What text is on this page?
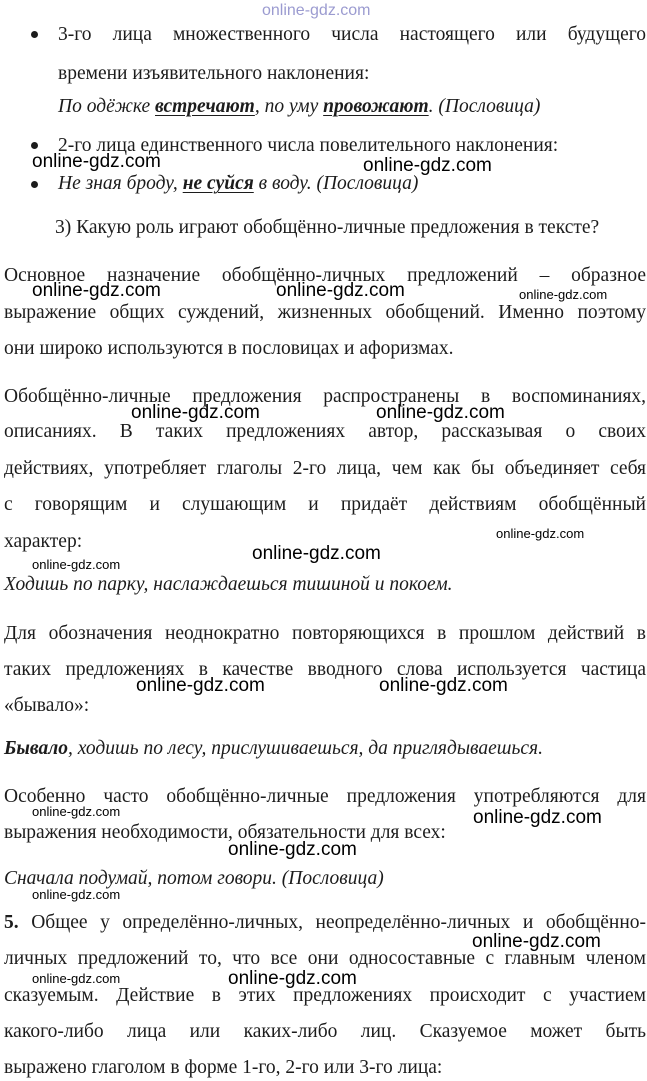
online-gdz.com
3-го лица множественного числа настоящего или будущего
времени изъявительного наклонения:
По одёжке встречают, по уму провожают. (Пословица)
2-го лица единственного числа повелительного наклонения:
Не зная броду, не суйся в воду. (Пословица)
3) Какую роль играют обобщённо-личные предложения в тексте?
Основное назначение обобщённо-личных предложений – образное
выражение общих суждений, жизненных обобщений. Именно поэтому
они широко используются в пословицах и афоризмах.
Обобщённо-личные предложения распространены в воспоминаниях,
описаниях. В таких предложениях автор, рассказывая о своих
действиях, употребляет глаголы 2-го лица, чем как бы объединяет себя
с говорящим и слушающим и придаёт действиям обобщённый
характер:
Ходишь по парку, наслаждаешься тишиной и покоем.
Для обозначения неоднократно повторяющихся в прошлом действий в
таких предложениях в качестве вводного слова используется частица
«бывало»:
Бывало, ходишь по лесу, прислушиваешься, да приглядываешься.
Особенно часто обобщённо-личные предложения употребляются для
выражения необходимости, обязательности для всех:
Сначала подумай, потом говори. (Пословица)
5. Общее у определённо-личных, неопределённо-личных и обобщённо-
личных предложений то, что все они односоставные с главным членом
сказуемым. Действие в этих предложениях происходит с участием
какого-либо лица или каких-либо лиц. Сказуемое может быть
выражено глаголом в форме 1-го, 2-го или 3-го лица:
online-gdz.com	online-gdz.com
online-gdz.com	online-gdz.com	online-gdz.com
online-gdz.com	online-gdz.com
online-gdz.com
online-gdz.com
online-gdz.com
online-gdz.com	online-gdz.com
online-gdz.com	online-gdz.com
online-gdz.com
online-gdz.com
online-gdz.com
online-gdz.com
online-gdz.com
